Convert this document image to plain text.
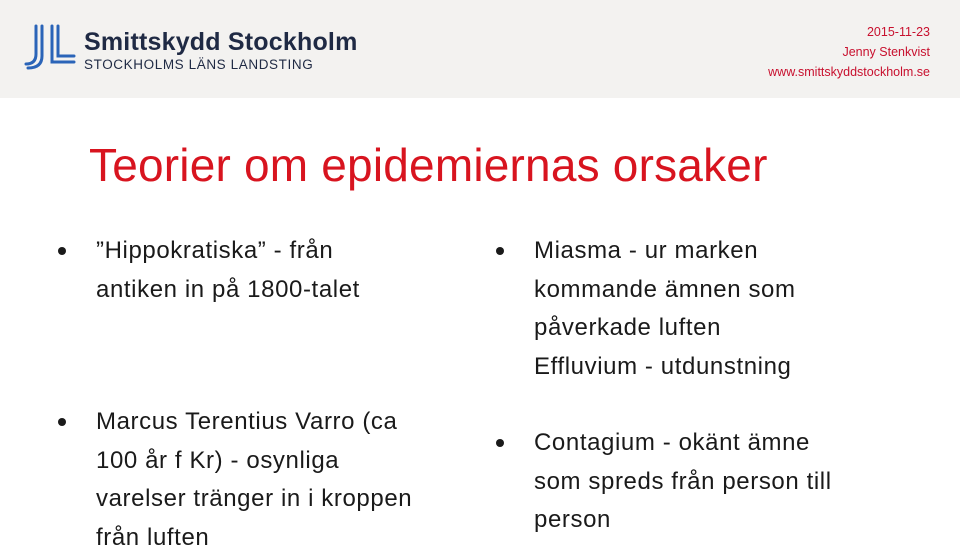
Smittskydd Stockholm
STOCKHOLMS LÄNS LANDSTING
2015-11-23
Jenny Stenkvist
www.smittskyddstockholm.se
Teorier om epidemiernas orsaker
”Hippokratiska” - från
antiken in på 1800-talet
Marcus Terentius Varro (ca
100 år f Kr) - osynliga
varelser tränger in i kroppen
från luften
Miasma - ur marken
kommande ämnen som
påverkade luften
Effluvium - utdunstning
Contagium - okänt ämne
som spreds från person till
person
